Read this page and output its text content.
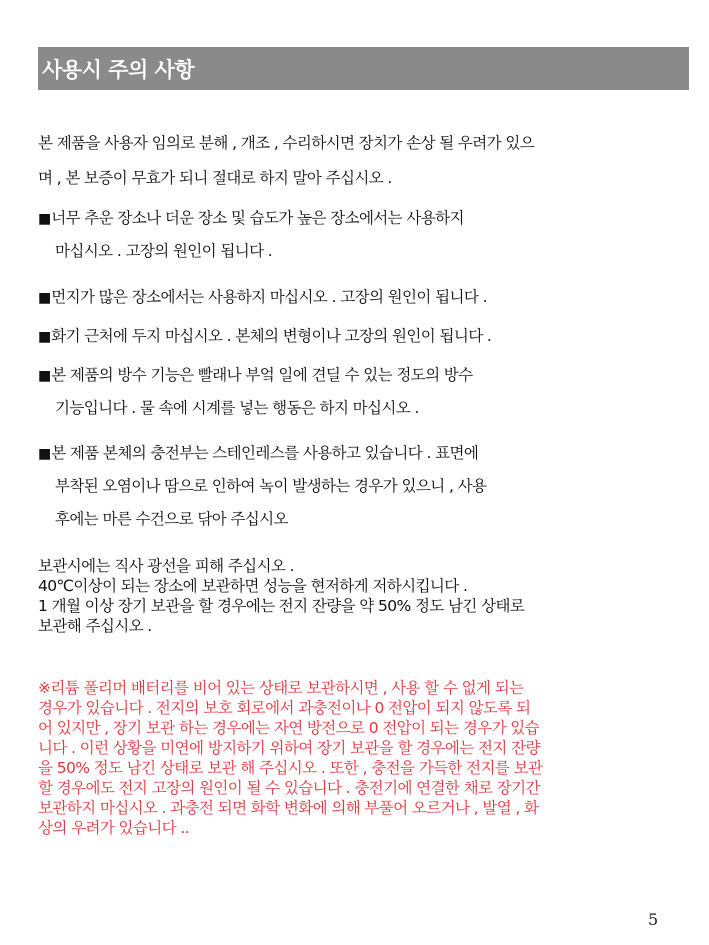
사용시 주의 사항
본 제품을 사용자 임의로 분해 , 개조 , 수리하시면 장치가 손상 될 우려가 있으
며 , 본 보증이 무효가 되니 절대로 하지 말아 주십시오 .
■너무 추운 장소나 더운 장소 및 습도가 높은 장소에서는 사용하지
마십시오 . 고장의 원인이 됩니다 .
■먼지가 많은 장소에서는 사용하지 마십시오 . 고장의 원인이 됩니다 .
■화기 근처에 두지 마십시오 . 본체의 변형이나 고장의 원인이 됩니다 .
■본 제품의 방수 기능은 빨래나 부엌 일에 견딜 수 있는 정도의 방수
기능입니다 . 물 속에 시계를 넣는 행동은 하지 마십시오 .
■본 제품 본체의 충전부는 스테인레스를 사용하고 있습니다 . 표면에
부착된 오염이나 땀으로 인하여 녹이 발생하는 경우가 있으니 , 사용
후에는 마른 수건으로 닦아 주십시오
보관시에는 직사 광선을 피해 주십시오 .
40℃이상이 되는 장소에 보관하면 성능을 현저하게 저하시킵니다 .
1 개월 이상 장기 보관을 할 경우에는 전지 잔량을 약 50% 정도 남긴 상태로
보관해 주십시오 .
※리튬 폴리머 배터리를 비어 있는 상태로 보관하시면 , 사용 할 수 없게 되는
경우가 있습니다 . 전지의 보호 회로에서 과충전이나 0 전압이 되지 않도록 되
어 있지만 , 장기 보관 하는 경우에는 자연 방전으로 0 전압이 되는 경우가 있습
니다 . 이런 상황을 미연에 방지하기 위하여 장기 보관을 할 경우에는 전지 잔량
을 50% 정도 남긴 상태로 보관 해 주십시오 . 또한 , 충전을 가득한 전지를 보관
할 경우에도 전지 고장의 원인이 될 수 있습니다 . 충전기에 연결한 채로 장기간
보관하지 마십시오 . 과충전 되면 화학 변화에 의해 부풀어 오르거나 , 발열 , 화
상의 우려가 있습니다 ..
5
